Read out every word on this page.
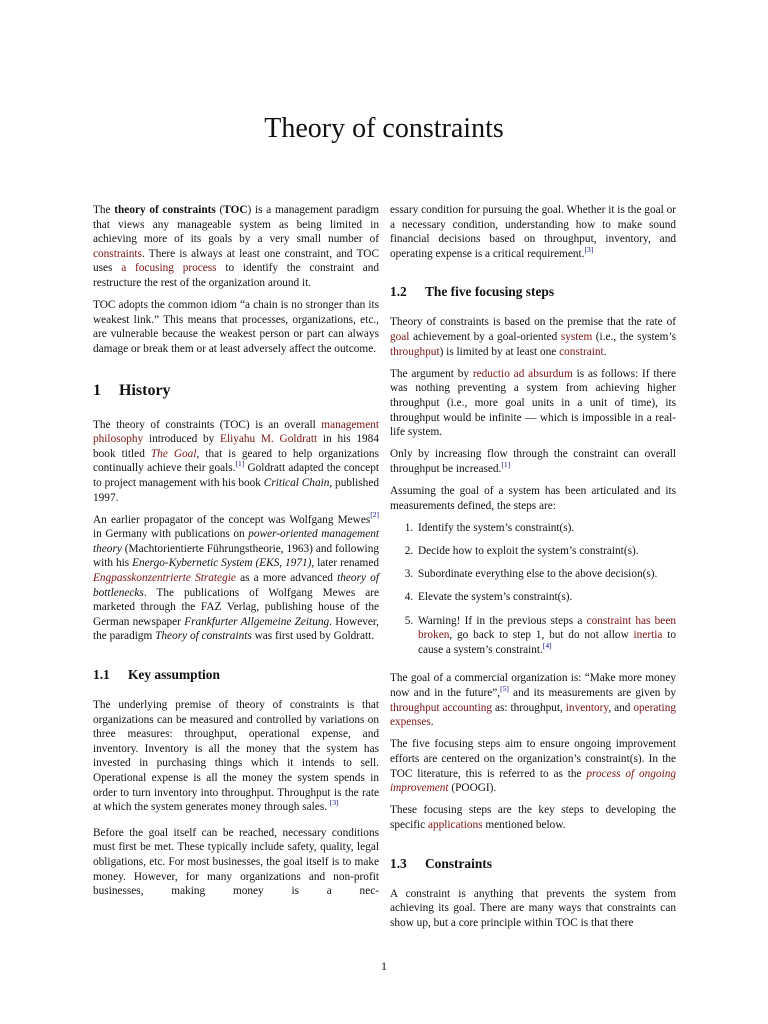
Theory of constraints

The theory of constraints (TOC) is a management paradigm that views any manageable system as being limited in achieving more of its goals by a very small number of constraints. There is always at least one constraint, and TOC uses a focusing process to identify the constraint and restructure the rest of the organization around it.

TOC adopts the common idiom “a chain is no stronger than its weakest link.” This means that processes, organizations, etc., are vulnerable because the weakest person or part can always damage or break them or at least adversely affect the outcome.

1 History

The theory of constraints (TOC) is an overall management philosophy introduced by Eliyahu M. Goldratt in his 1984 book titled The Goal, that is geared to help organizations continually achieve their goals.[1] Goldratt adapted the concept to project management with his book Critical Chain, published 1997.

An earlier propagator of the concept was Wolfgang Mewes[2] in Germany with publications on power-oriented management theory (Machtorientierte Führungstheorie, 1963) and following with his Energo-Kybernetic System (EKS, 1971), later renamed Engpasskonzentrierte Strategie as a more advanced theory of bottlenecks. The publications of Wolfgang Mewes are marketed through the FAZ Verlag, publishing house of the German newspaper Frankfurter Allgemeine Zeitung. However, the paradigm Theory of constraints was first used by Goldratt.

1.1 Key assumption

The underlying premise of theory of constraints is that organizations can be measured and controlled by variations on three measures: throughput, operational expense, and inventory. Inventory is all the money that the system has invested in purchasing things which it intends to sell. Operational expense is all the money the system spends in order to turn inventory into throughput. Throughput is the rate at which the system generates money through sales. [3]

Before the goal itself can be reached, necessary conditions must first be met. These typically include safety, quality, legal obligations, etc. For most businesses, the goal itself is to make money. However, for many organizations and non-profit businesses, making money is a nec-

essary condition for pursuing the goal. Whether it is the goal or a necessary condition, understanding how to make sound financial decisions based on throughput, inventory, and operating expense is a critical requirement.[3]

1.2 The five focusing steps

Theory of constraints is based on the premise that the rate of goal achievement by a goal-oriented system (i.e., the system’s throughput) is limited by at least one constraint.

The argument by reductio ad absurdum is as follows: If there was nothing preventing a system from achieving higher throughput (i.e., more goal units in a unit of time), its throughput would be infinite — which is impossible in a real-life system.

Only by increasing flow through the constraint can overall throughput be increased.[1]

Assuming the goal of a system has been articulated and its measurements defined, the steps are:

1. Identify the system’s constraint(s).
2. Decide how to exploit the system’s constraint(s).
3. Subordinate everything else to the above decision(s).
4. Elevate the system’s constraint(s).
5. Warning! If in the previous steps a constraint has been broken, go back to step 1, but do not allow inertia to cause a system’s constraint.[4]

The goal of a commercial organization is: “Make more money now and in the future”,[5] and its measurements are given by throughput accounting as: throughput, inventory, and operating expenses.

The five focusing steps aim to ensure ongoing improvement efforts are centered on the organization’s constraint(s). In the TOC literature, this is referred to as the process of ongoing improvement (POOGI).

These focusing steps are the key steps to developing the specific applications mentioned below.

1.3 Constraints

A constraint is anything that prevents the system from achieving its goal. There are many ways that constraints can show up, but a core principle within TOC is that there

1
